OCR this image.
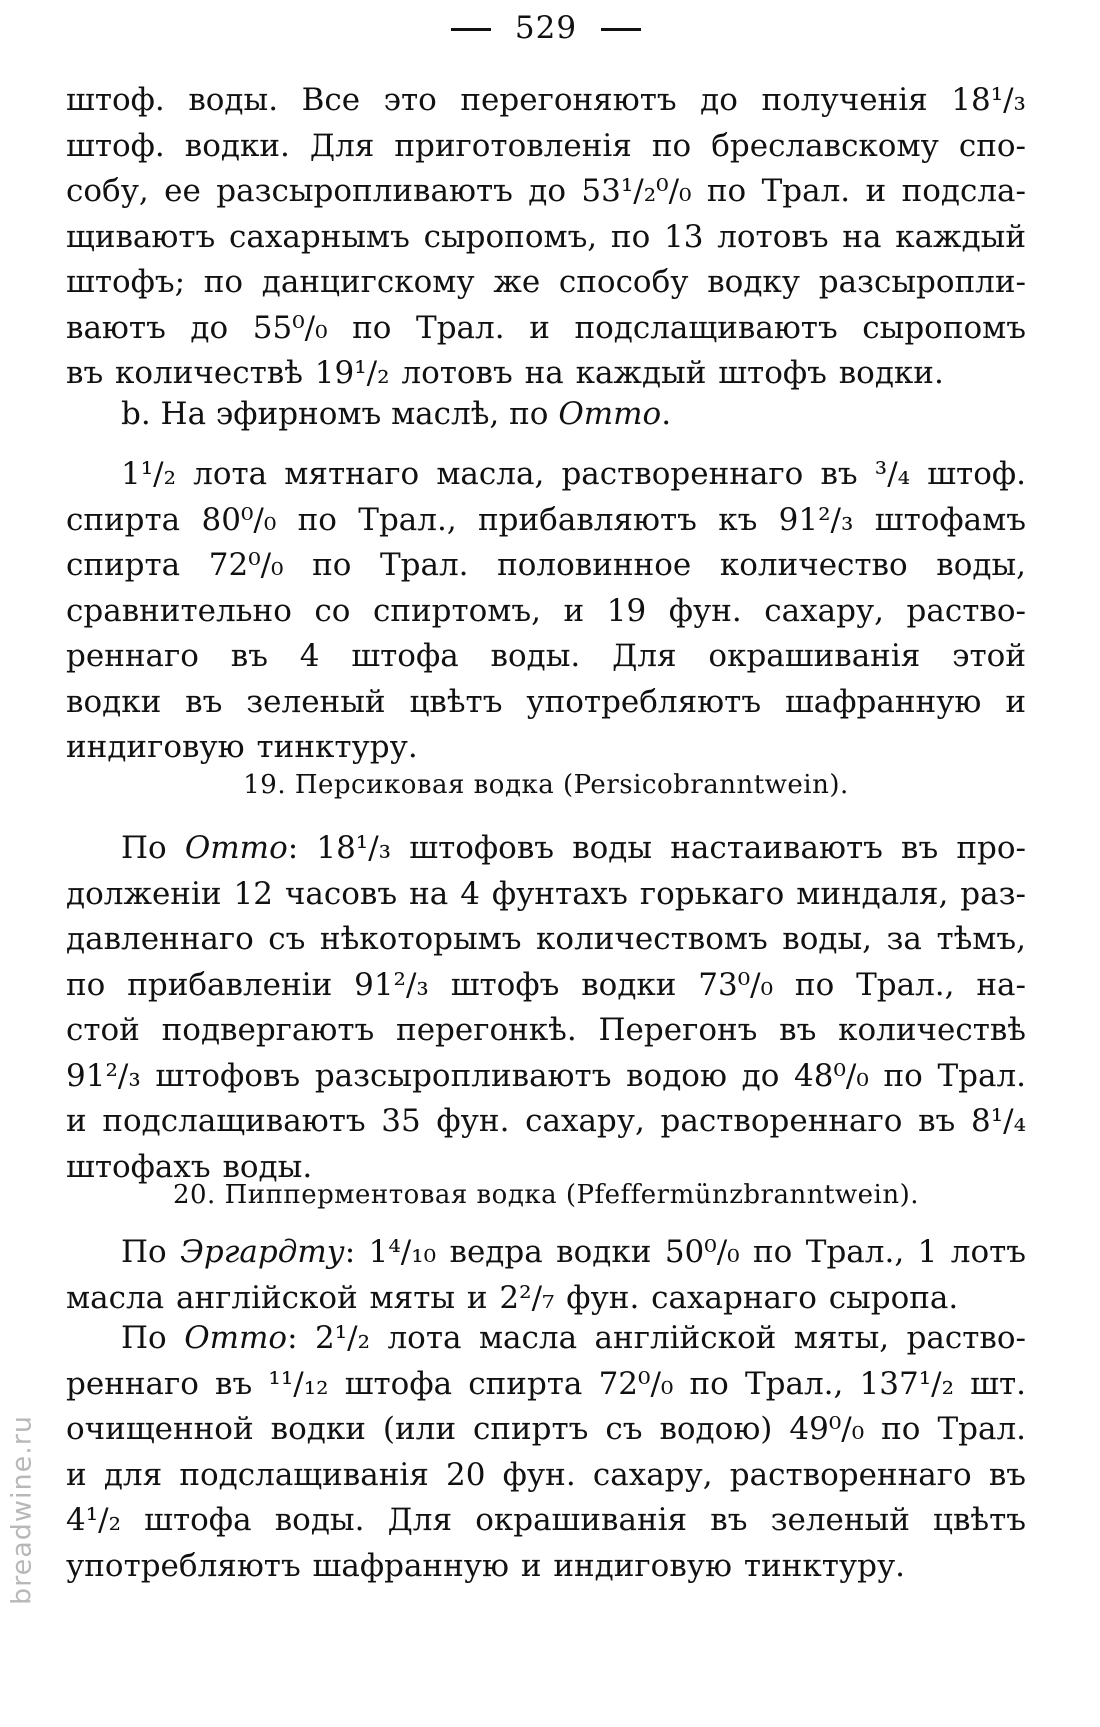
breadwine.ru
529
штоф. воды. Все это перегоняютъ до полученія 18¹/₃
штоф. водки. Для приготовленія по бреславскому спо-
собу, ее разсыропливаютъ до 53¹/₂⁰/₀ по Трал. и подсла-
щиваютъ сахарнымъ сыропомъ, по 13 лотовъ на каждый
штофъ; по данцигскому же способу водку разсыропли-
ваютъ до 55⁰/₀ по Трал. и подслащиваютъ сыропомъ
въ количествѣ 19¹/₂ лотовъ на каждый штофъ водки.
b. На эфирномъ маслѣ, по Отто.
1¹/₂ лота мятнаго масла, раствореннаго въ ³/₄ штоф.
спирта 80⁰/₀ по Трал., прибавляютъ къ 91²/₃ штофамъ
спирта 72⁰/₀ по Трал. половинное количество воды,
сравнительно со спиртомъ, и 19 фун. сахару, раство-
реннаго въ 4 штофа воды. Для окрашиванія этой
водки въ зеленый цвѣтъ употребляютъ шафранную и
индиговую тинктуру.
19. Персиковая водка (Persicobranntwein).
По Отто: 18¹/₃ штофовъ воды настаиваютъ въ про-
долженіи 12 часовъ на 4 фунтахъ горькаго миндаля, раз-
давленнаго съ нѣкоторымъ количествомъ воды, за тѣмъ,
по прибавленіи 91²/₃ штофъ водки 73⁰/₀ по Трал., на-
стой подвергаютъ перегонкѣ. Перегонъ въ количествѣ
91²/₃ штофовъ разсыропливаютъ водою до 48⁰/₀ по Трал.
и подслащиваютъ 35 фун. сахару, раствореннаго въ 8¹/₄
штофахъ воды.
20. Пипперментовая водка (Pfeffermünzbranntwein).
По Эргардту: 1⁴/₁₀ ведра водки 50⁰/₀ по Трал., 1 лотъ
масла англійской мяты и 2²/₇ фун. сахарнаго сыропа.
По Отто: 2¹/₂ лота масла англійской мяты, раство-
реннаго въ ¹¹/₁₂ штофа спирта 72⁰/₀ по Трал., 137¹/₂ шт.
очищенной водки (или спиртъ съ водою) 49⁰/₀ по Трал.
и для подслащиванія 20 фун. сахару, раствореннаго въ
4¹/₂ штофа воды. Для окрашиванія въ зеленый цвѣтъ
употребляютъ шафранную и индиговую тинктуру.
